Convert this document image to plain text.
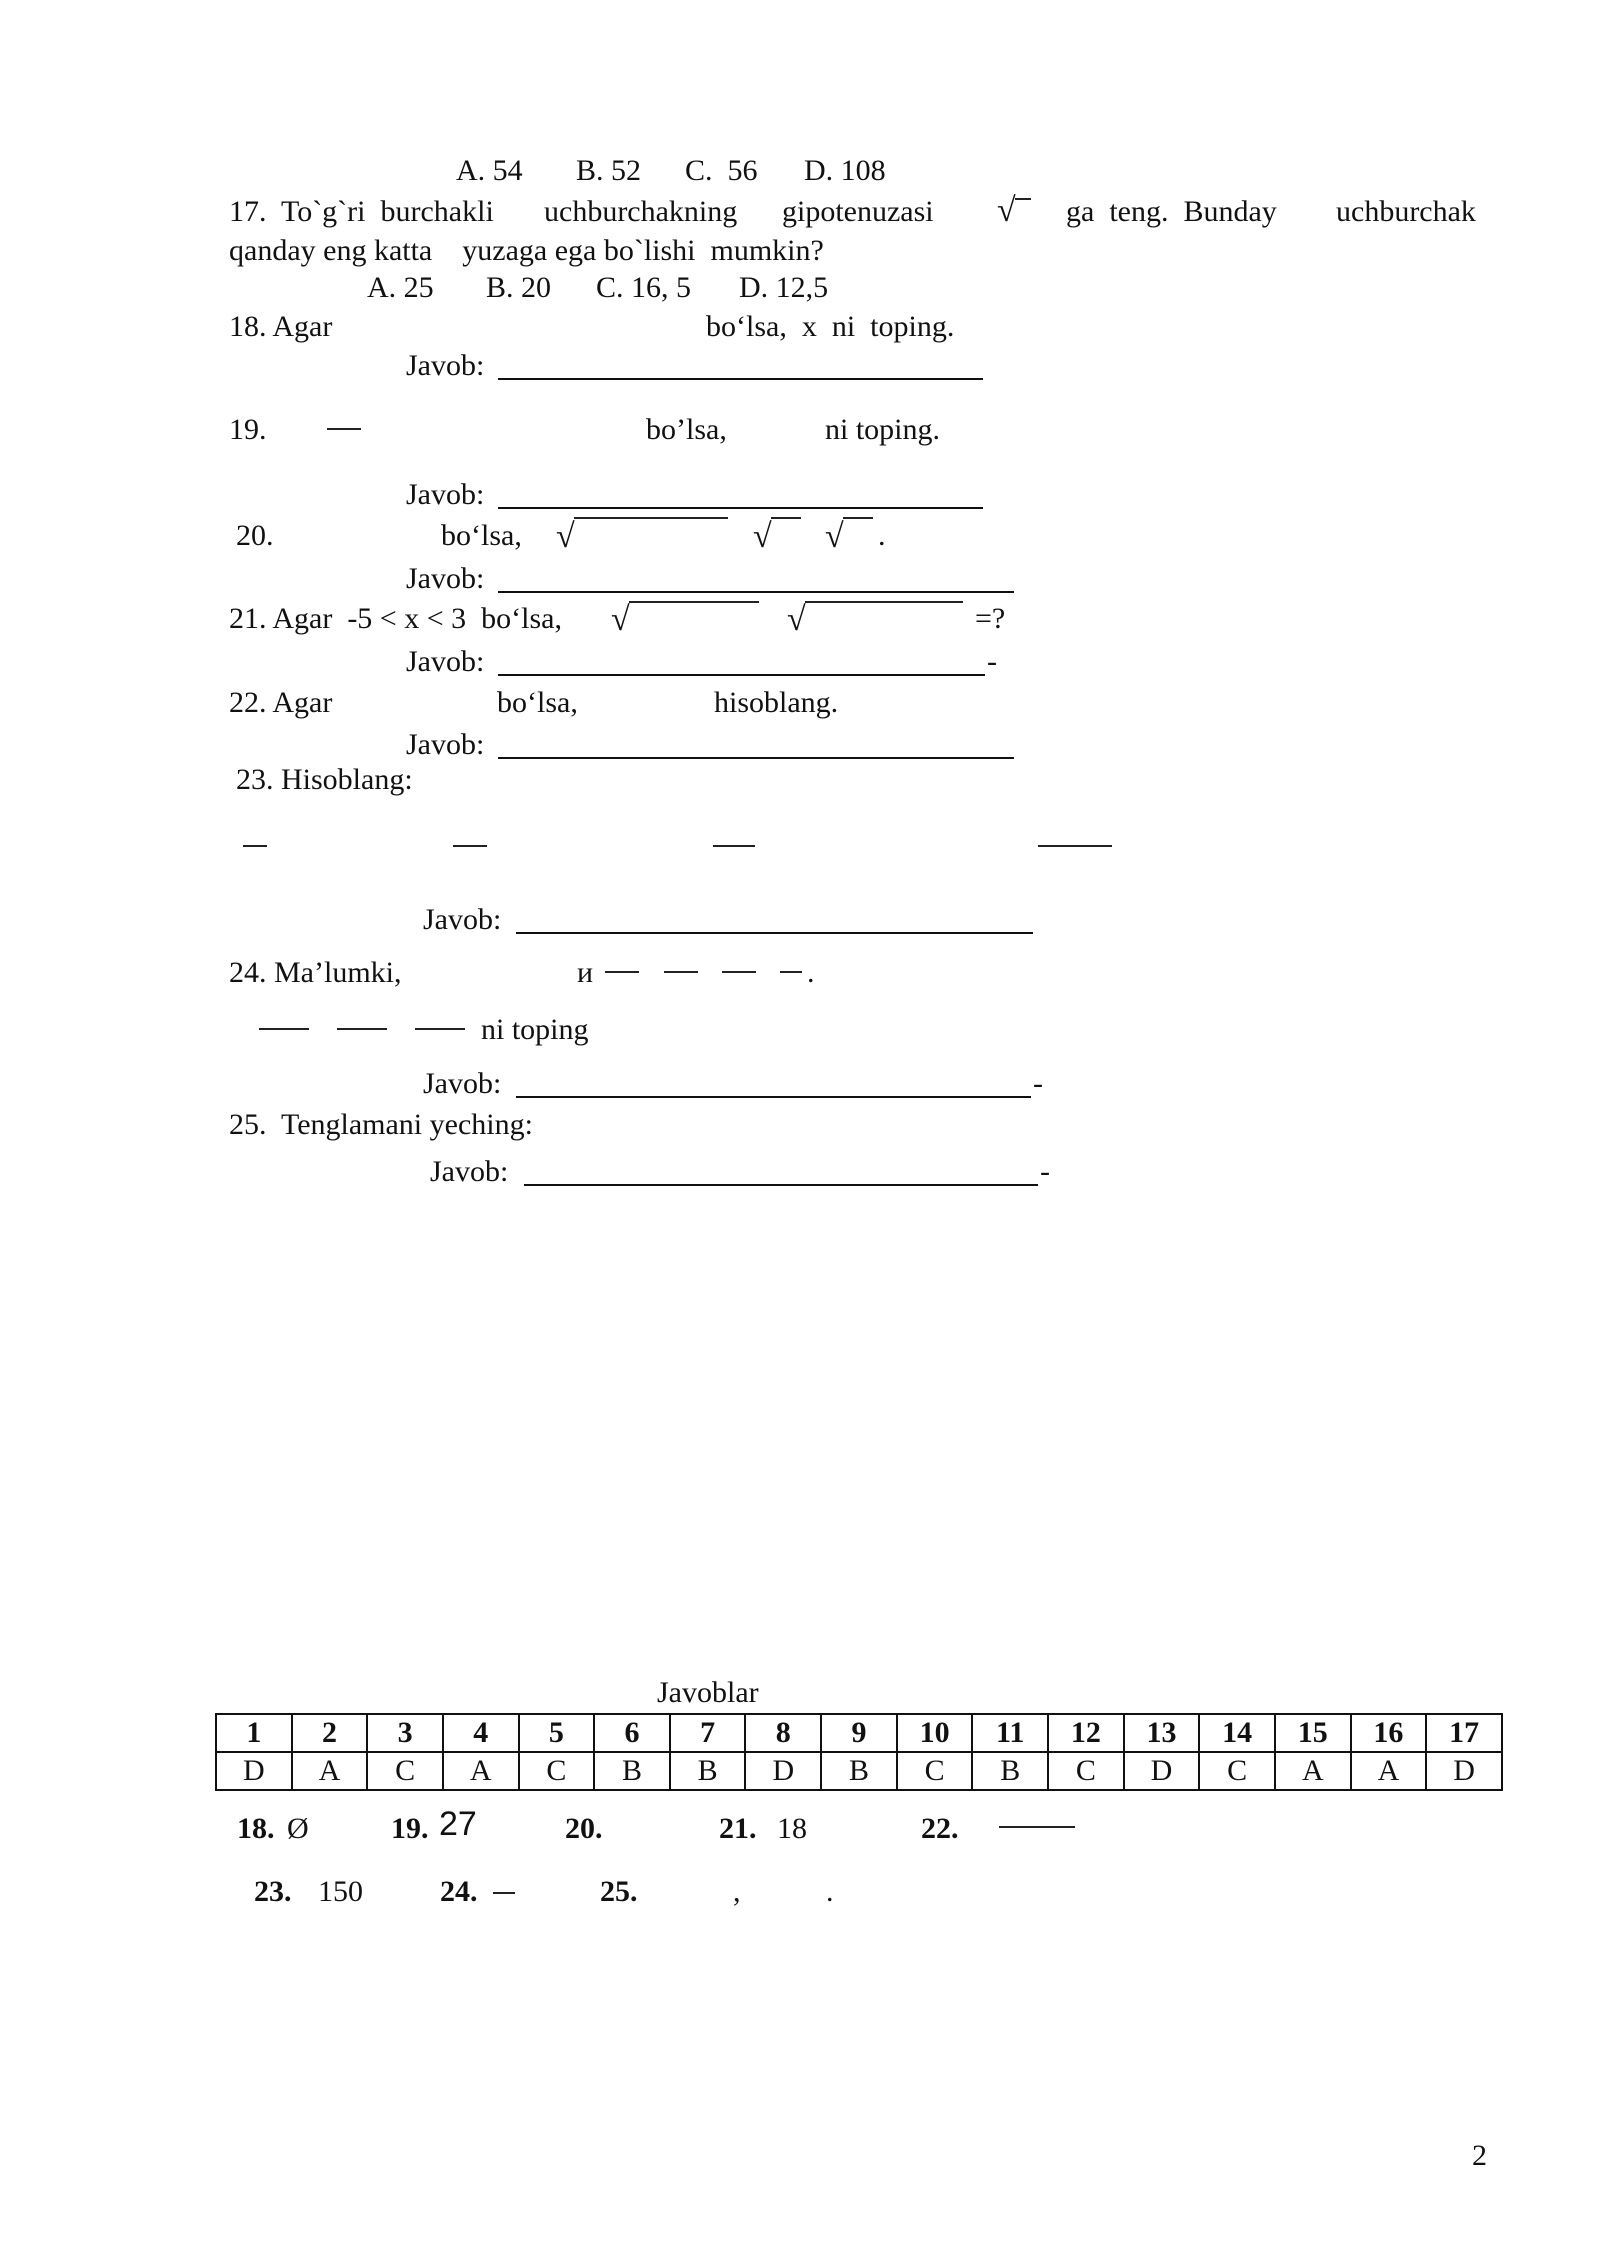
A. 54 B. 52 C.  56 D. 108
17.  To`g`ri  burchakli uchburchakning gipotenuzasi √ ga  teng.  Bunday uchburchak
qanday eng katta    yuzaga ega bo`lishi  mumkin?
A. 25 B. 20 C. 16, 5 D. 12,5
18. Agar	bo‘lsa,  x  ni  toping.
Javob:
19.	bo’lsa,	ni toping.
Javob:
20.	bo‘lsa, √	√ √ .
Javob:
21. Agar  -5 < x < 3  bo‘lsa, √	√	=?
Javob:	-
22. Agar	bo‘lsa,	hisoblang.
Javob:
23. Hisoblang:
Javob:
24. Ma’lumki,	и	.
ni toping
Javob:	-
25.  Tenglamani yeching:
Javob:	-
Javoblar
1	2	3	4	5	6	7	8	9	10	11	12	13	14	15	16	17
D	A	C	A	C	B	B	D	B	C	B	C	D	C	A	A	D
18. Ø	19. 27	20.	21. 18	22.
23. 150	24.	25.	,	.
2
